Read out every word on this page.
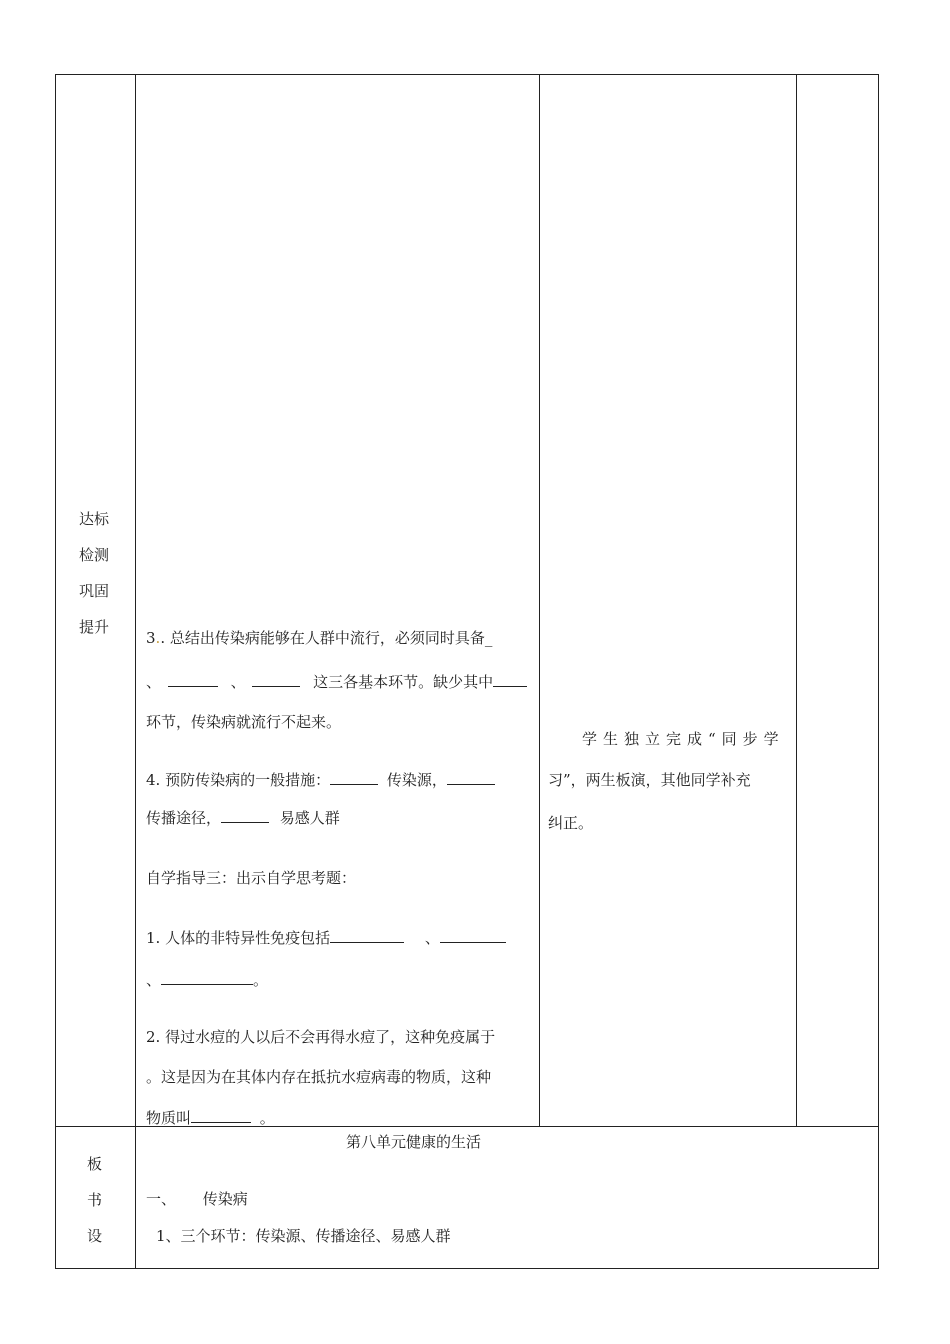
达标
检测
巩固
提升
3.. 总结出传染病能够在人群中流行，必须同时具备_
、	、	这三各基本环节。缺少其中
环节，传染病就流行不起来。
4. 预防传染病的一般措施：	传染源，
传播途径，	易感人群
自学指导三：出示自学思考题：
1. 人体的非特异性免疫包括	、
、	。
2. 得过水痘的人以后不会再得水痘了，这种免疫属于
。这是因为在其体内存在抵抗水痘病毒的物质，这种
物质叫	。
学生独立完成“同步学
习”，两生板演，其他同学补充
纠正。
板
书
设
第八单元健康的生活
一、 传染病
1、三个环节：传染源、传播途径、易感人群
